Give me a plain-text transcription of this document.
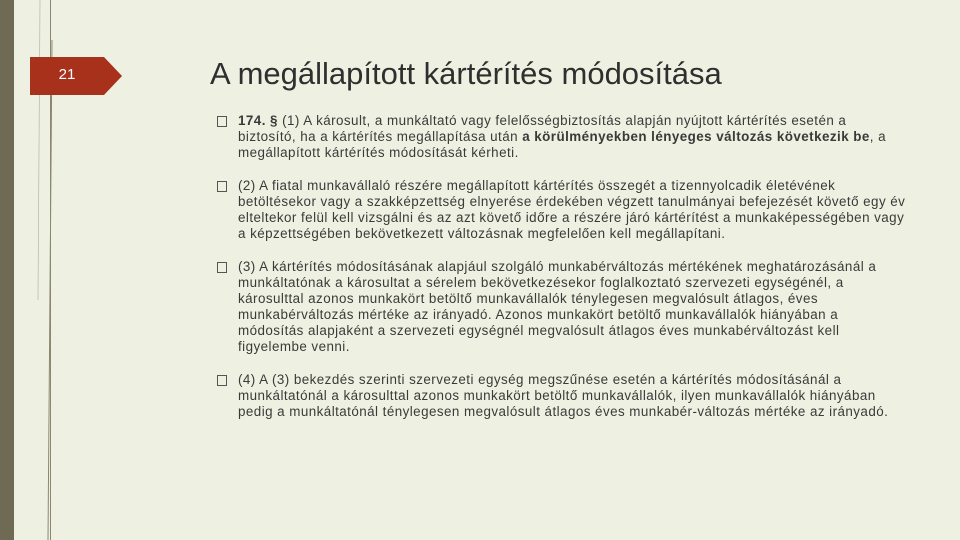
21	A megállapított kártérítés módosítása
174. § (1) A károsult, a munkáltató vagy felelősségbiztosítás alapján nyújtott kártérítés esetén a biztosító, ha a kártérítés megállapítása után a körülményekben lényeges változás következik be, a megállapított kártérítés módosítását kérheti.
(2) A fiatal munkavállaló részére megállapított kártérítés összegét a tizennyolcadik életévének betöltésekor vagy a szakképzettség elnyerése érdekében végzett tanulmányai befejezését követő egy év elteltekor felül kell vizsgálni és az azt követő időre a részére járó kártérítést a munkaképességében vagy a képzettségében bekövetkezett változásnak megfelelően kell megállapítani.
(3) A kártérítés módosításának alapjául szolgáló munkabérváltozás mértékének meghatározásánál a munkáltatónak a károsultat a sérelem bekövetkezésekor foglalkoztató szervezeti egységénél, a károsulttal azonos munkakört betöltő munkavállalók ténylegesen megvalósult átlagos, éves munkabérváltozás mértéke az irányadó. Azonos munkakört betöltő munkavállalók hiányában a módosítás alapjaként a szervezeti egységnél megvalósult átlagos éves munkabérváltozást kell figyelembe venni.
(4) A (3) bekezdés szerinti szervezeti egység megszűnése esetén a kártérítés módosításánál a munkáltatónál a károsulttal azonos munkakört betöltő munkavállalók, ilyen munkavállalók hiányában pedig a munkáltatónál ténylegesen megvalósult átlagos éves munkabér-változás mértéke az irányadó.
